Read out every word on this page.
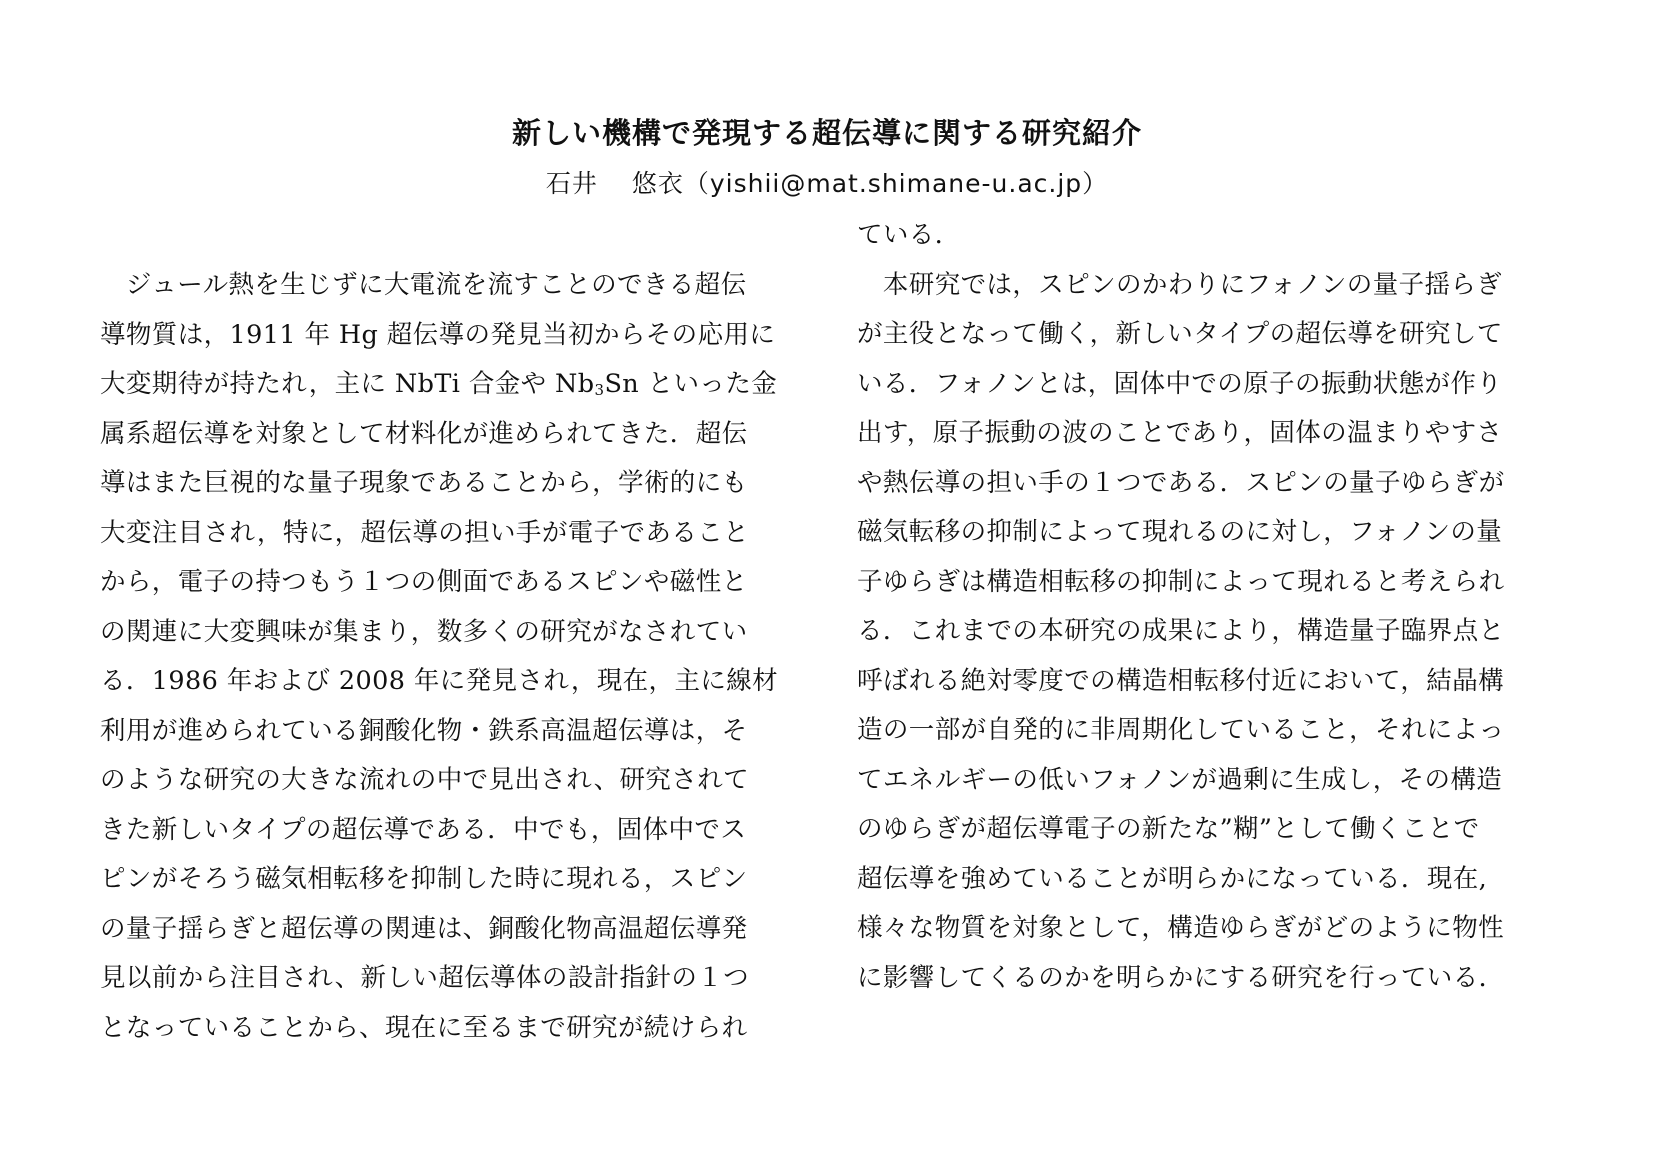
新しい機構で発現する超伝導に関する研究紹介
石井 悠衣（yishii@mat.shimane-u.ac.jp）
　ジュール熱を生じずに大電流を流すことのできる超伝
導物質は，1911 年 Hg 超伝導の発見当初からその応用に
大変期待が持たれ，主に NbTi 合金や $Nb_3Sn$ といった金
属系超伝導を対象として材料化が進められてきた．超伝
導はまた巨視的な量子現象であることから，学術的にも
大変注目され，特に，超伝導の担い手が電子であること
から，電子の持つもう１つの側面であるスピンや磁性と
の関連に大変興味が集まり，数多くの研究がなされてい
る．1986 年および 2008 年に発見され，現在，主に線材
利用が進められている銅酸化物・鉄系高温超伝導は，そ
のような研究の大きな流れの中で見出され、研究されて
きた新しいタイプの超伝導である．中でも，固体中でス
ピンがそろう磁気相転移を抑制した時に現れる，スピン
の量子揺らぎと超伝導の関連は、銅酸化物高温超伝導発
見以前から注目され、新しい超伝導体の設計指針の１つ
となっていることから、現在に至るまで研究が続けられ
ている．
　本研究では，スピンのかわりにフォノンの量子揺らぎ
が主役となって働く，新しいタイプの超伝導を研究して
いる．フォノンとは，固体中での原子の振動状態が作り
出す，原子振動の波のことであり，固体の温まりやすさ
や熱伝導の担い手の１つである．スピンの量子ゆらぎが
磁気転移の抑制によって現れるのに対し，フォノンの量
子ゆらぎは構造相転移の抑制によって現れると考えられ
る．これまでの本研究の成果により，構造量子臨界点と
呼ばれる絶対零度での構造相転移付近において，結晶構
造の一部が自発的に非周期化していること，それによっ
てエネルギーの低いフォノンが過剰に生成し，その構造
のゆらぎが超伝導電子の新たな”糊”として働くことで
超伝導を強めていることが明らかになっている．現在,
様々な物質を対象として，構造ゆらぎがどのように物性
に影響してくるのかを明らかにする研究を行っている．
